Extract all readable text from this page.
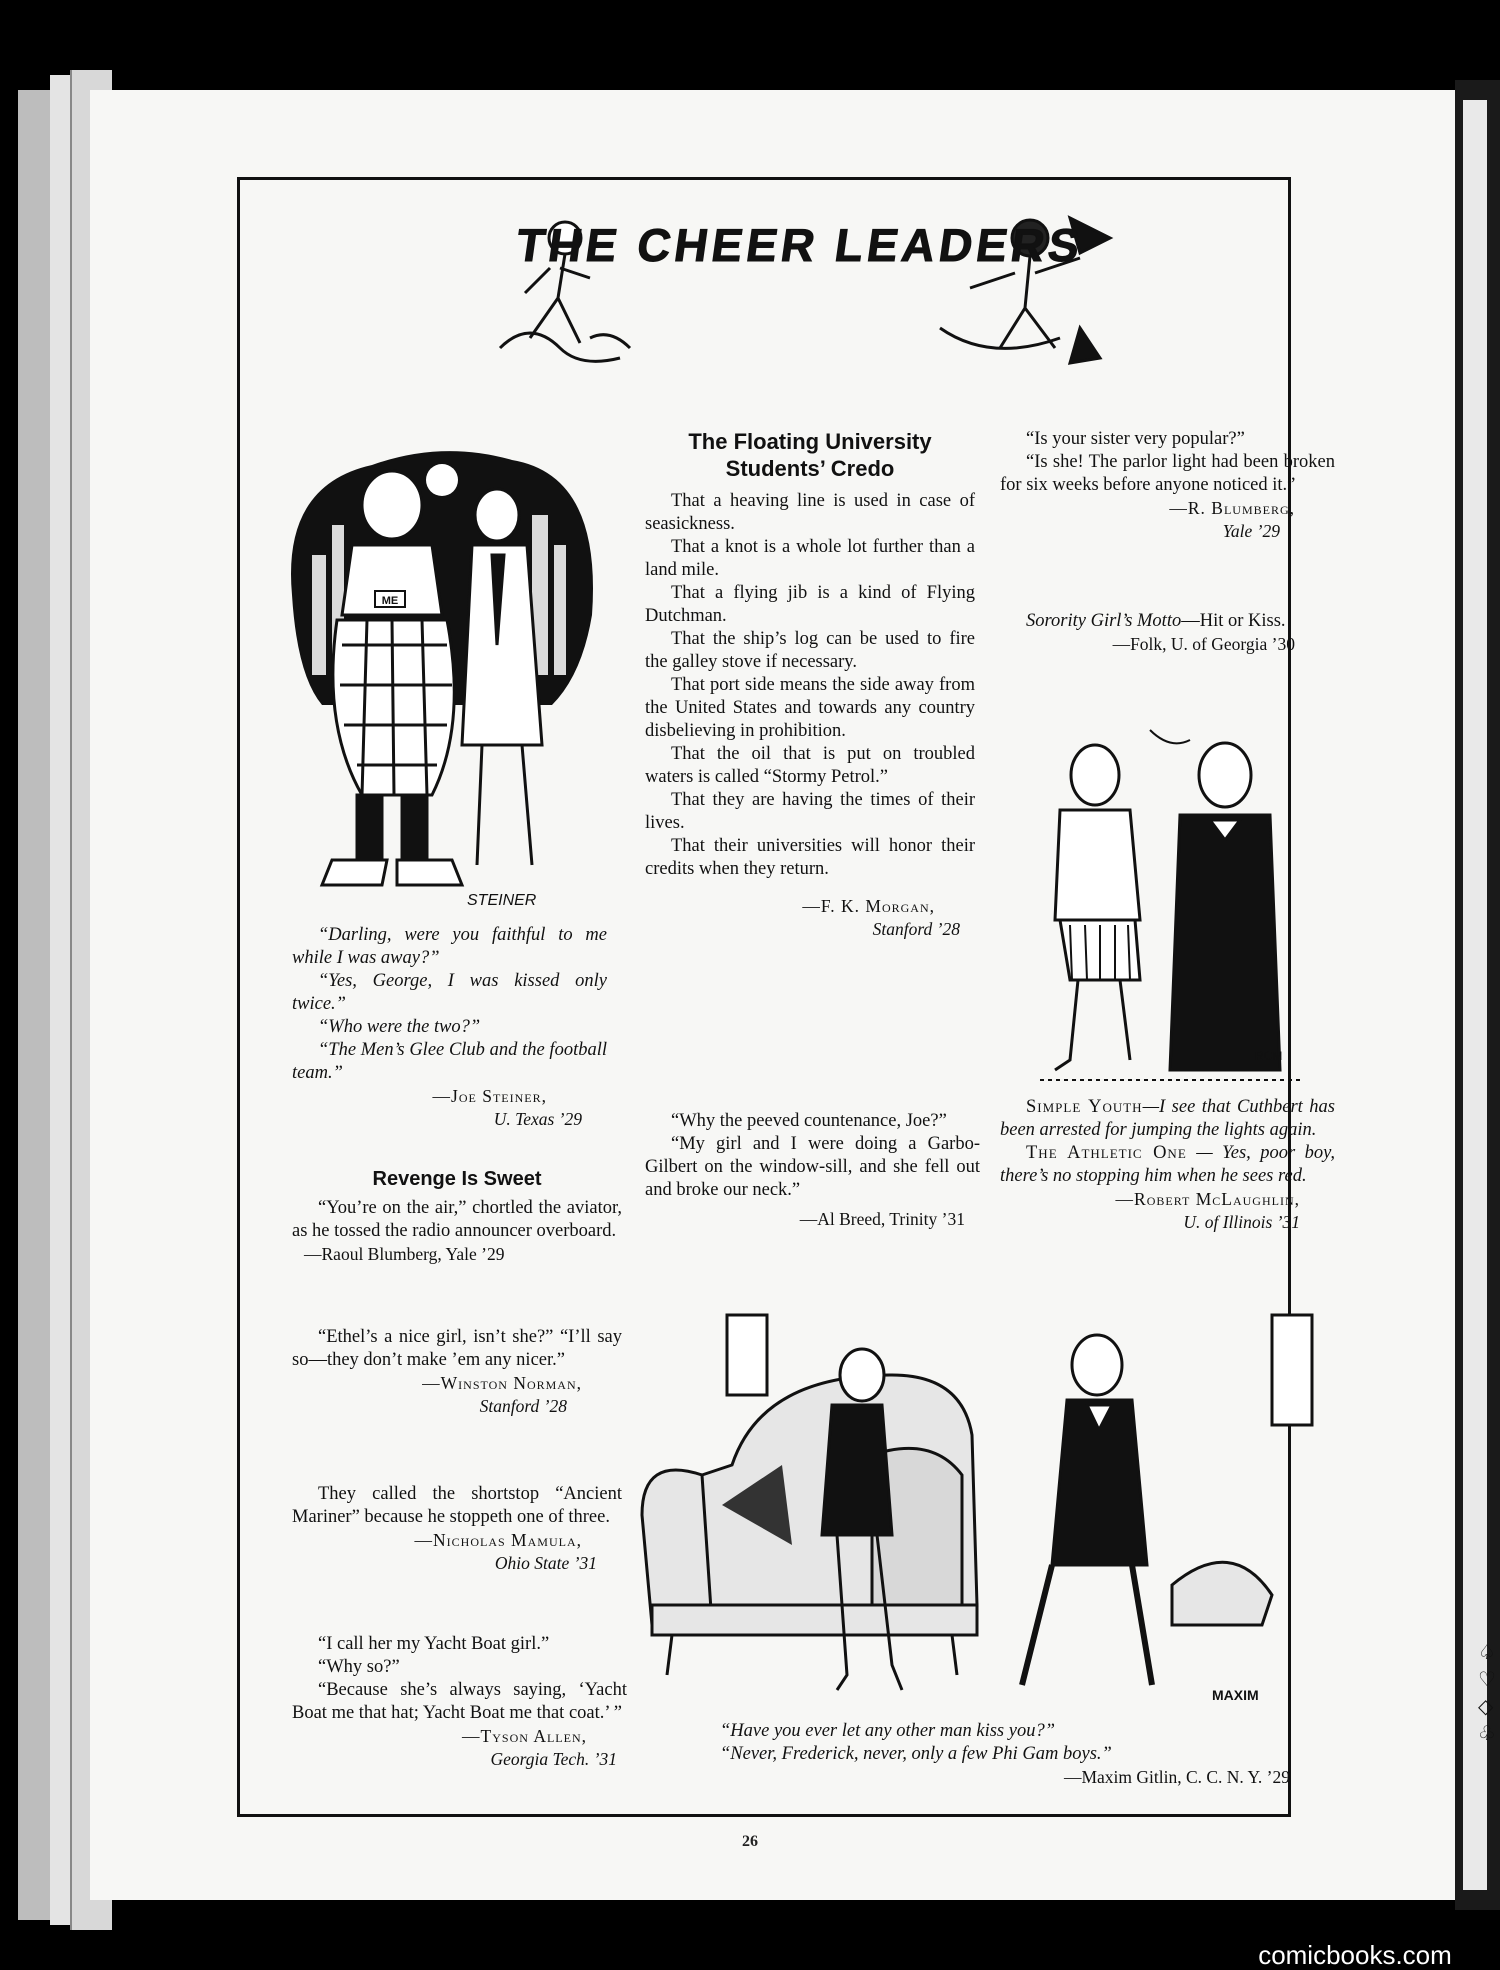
THE CHEER LEADERS
ME
STEINER

“Darling, were you faithful to me while I was away?”

“Yes, George, I was kissed only twice.”

“Who were the two?”

“The Men’s Glee Club and the football team.”

—Joe Steiner,

U. Texas ’29

Revenge Is Sweet

“You’re on the air,” chortled the aviator, as he tossed the radio announcer overboard.

—Raoul Blumberg, Yale ’29

“Ethel’s a nice girl, isn’t she?” “I’ll say so—they don’t make ’em any nicer.”

—Winston Norman,

Stanford ’28

They called the shortstop “Ancient Mariner” because he stoppeth one of three.

—Nicholas Mamula,

Ohio State ’31

“I call her my Yacht Boat girl.”

“Why so?”

“Because she’s always saying, ‘Yacht Boat me that hat; Yacht Boat me that coat.’ ”

—Tyson Allen,

Georgia Tech. ’31

The Floating University

Students’ Credo

That a heaving line is used in case of seasickness.

That a knot is a whole lot further than a land mile.

That a flying jib is a kind of Flying Dutchman.

That the ship’s log can be used to fire the galley stove if necessary.

That port side means the side away from the United States and towards any country disbelieving in prohibition.

That the oil that is put on troubled waters is called “Stormy Petrol.”

That they are having the times of their lives.

That their universities will honor their credits when they return.

—F. K. Morgan,

Stanford ’28

“Why the peeved countenance, Joe?”

“My girl and I were doing a Garbo-Gilbert on the window-sill, and she fell out and broke our neck.”

—Al Breed, Trinity ’31

“Is your sister very popular?”

“Is she! The parlor light had been broken for six weeks before anyone noticed it.”

—R. Blumberg,

Yale ’29

Sorority Girl’s Motto—Hit or Kiss.

—Folk, U. of Georgia ’30

RCM

Simple Youth—I see that Cuthbert has been arrested for jumping the lights again.

The Athletic One — Yes, poor boy, there’s no stopping him when he sees red.

—Robert McLaughlin,

U. of Illinois ’31

MAXIM

“Have you ever let any other man kiss you?”

“Never, Frederick, never, only a few Phi Gam boys.”

—Maxim Gitlin, C. C. N. Y. ’29

26
♤
♡
◇
♧
comicbooks.com
